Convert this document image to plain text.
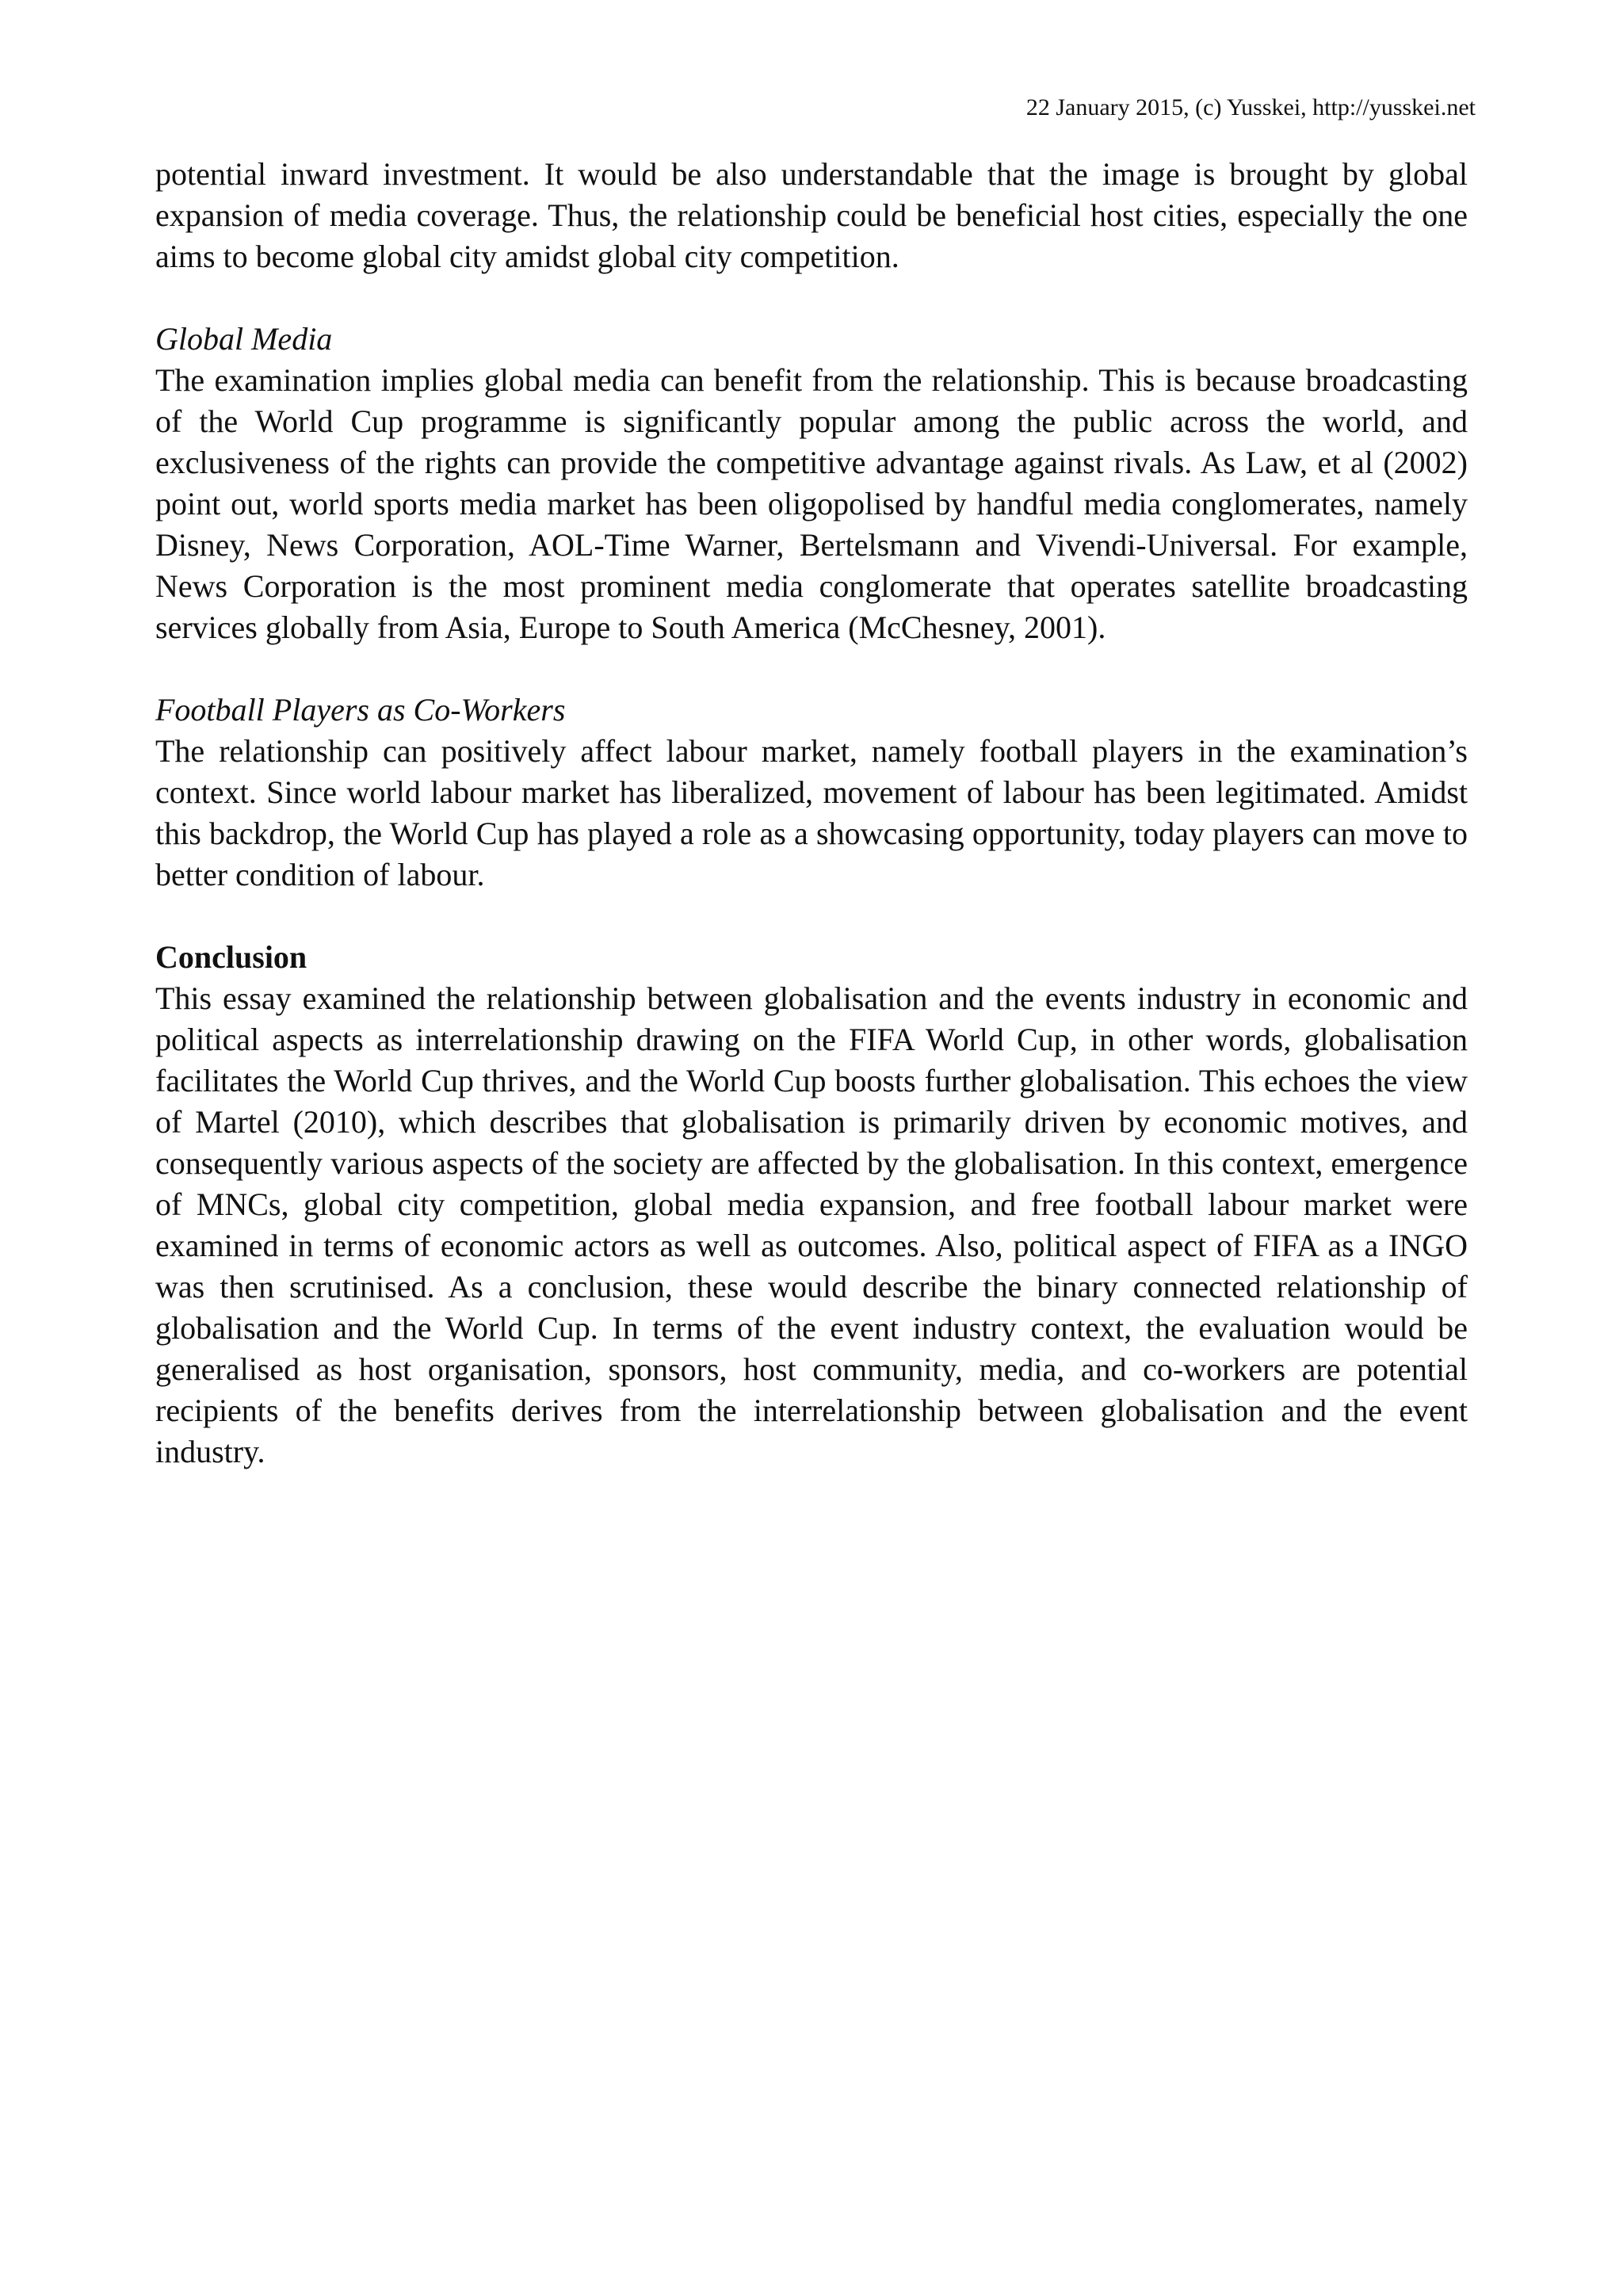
22 January 2015, (c) Yusskei, http://yusskei.net

potential inward investment. It would be also understandable that the image is brought by global expansion of media coverage. Thus, the relationship could be beneficial host cities, especially the one aims to become global city amidst global city competition.

Global Media

The examination implies global media can benefit from the relationship. This is because broadcasting of the World Cup programme is significantly popular among the public across the world, and exclusiveness of the rights can provide the competitive advantage against rivals. As Law, et al (2002) point out, world sports media market has been oligopolised by handful media conglomerates, namely Disney, News Corporation, AOL-Time Warner, Bertelsmann and Vivendi-Universal. For example, News Corporation is the most prominent media conglomerate that operates satellite broadcasting services globally from Asia, Europe to South America (McChesney, 2001).

Football Players as Co-Workers

The relationship can positively affect labour market, namely football players in the examination’s context. Since world labour market has liberalized, movement of labour has been legitimated. Amidst this backdrop, the World Cup has played a role as a showcasing opportunity, today players can move to better condition of labour.

Conclusion

This essay examined the relationship between globalisation and the events industry in economic and political aspects as interrelationship drawing on the FIFA World Cup, in other words, globalisation facilitates the World Cup thrives, and the World Cup boosts further globalisation. This echoes the view of Martel (2010), which describes that globalisation is primarily driven by economic motives, and consequently various aspects of the society are affected by the globalisation. In this context, emergence of MNCs, global city competition, global media expansion, and free football labour market were examined in terms of economic actors as well as outcomes. Also, political aspect of FIFA as a INGO was then scrutinised. As a conclusion, these would describe the binary connected relationship of globalisation and the World Cup. In terms of the event industry context, the evaluation would be generalised as host organisation, sponsors, host community, media, and co-workers are potential recipients of the benefits derives from the interrelationship between globalisation and the event industry.
